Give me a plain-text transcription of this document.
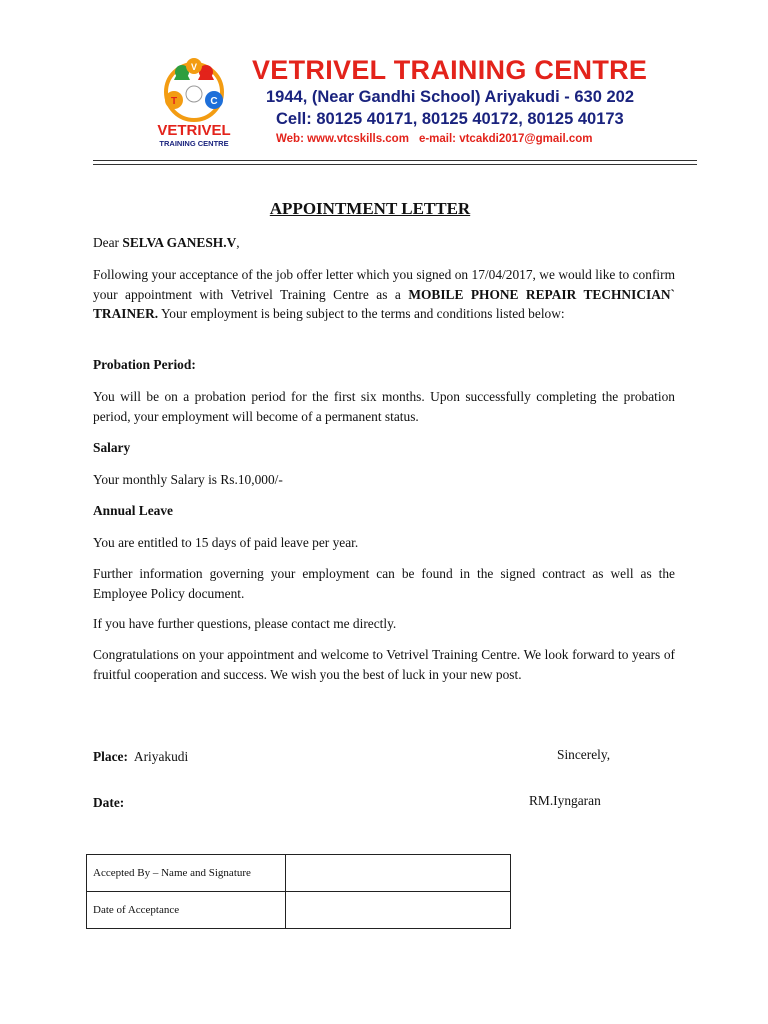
V
T	C
VETRIVEL
TRAINING CENTRE
VETRIVEL TRAINING CENTRE
1944, (Near Gandhi School) Ariyakudi - 630 202
Cell: 80125 40171, 80125 40172, 80125 40173
Web: www.vtcskills.com e-mail: vtcakdi2017@gmail.com
APPOINTMENT LETTER
Dear SELVA GANESH.V,
Following your acceptance of the job offer letter which you signed on 17/04/2017, we would like to confirm your appointment with Vetrivel Training Centre as a MOBILE PHONE REPAIR TECHNICIAN` TRAINER. Your employment is being subject to the terms and conditions listed below:
Probation Period:
You will be on a probation period for the first six months. Upon successfully completing the probation period, your employment will become of a permanent status.
Salary
Your monthly Salary is Rs.10,000/-
Annual Leave
You are entitled to 15 days of paid leave per year.
Further information governing your employment can be found in the signed contract as well as the Employee Policy document.
If you have further questions, please contact me directly.
Congratulations on your appointment and welcome to Vetrivel Training Centre. We look forward to years of fruitful cooperation and success. We wish you the best of luck in your new post.
Place:  Ariyakudi	Sincerely,
Date:	RM.Iyngaran
Accepted By – Name and Signature	
Date of Acceptance	
